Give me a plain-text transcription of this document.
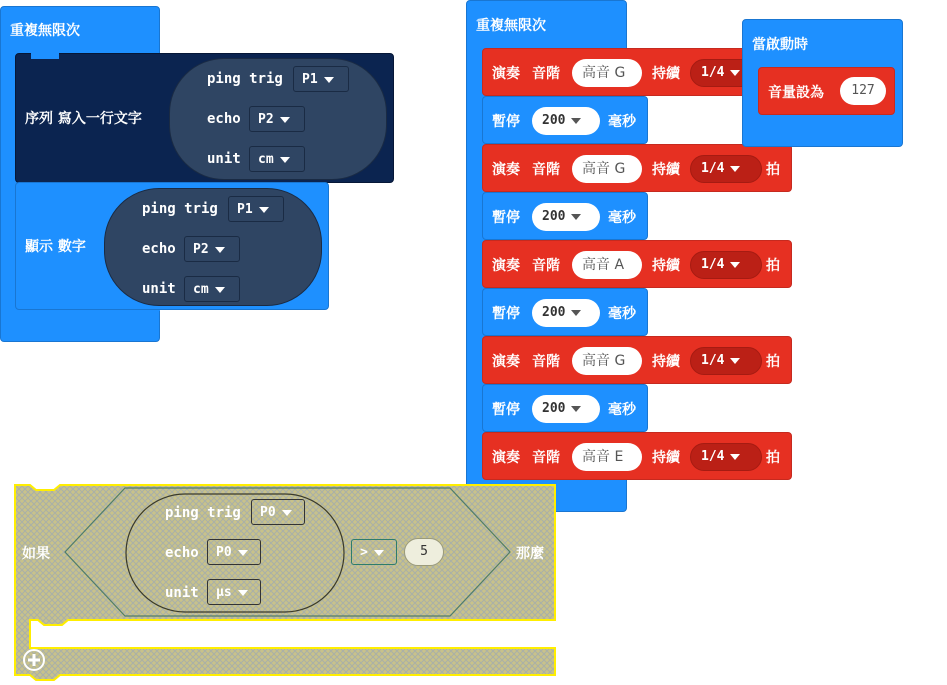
重複無限次
序列 寫入一行文字
ping trig	P1
echo	P2
unit	cm
顯示 數字
ping trig	P1
echo	P2
unit	cm
重複無限次
演奏 音階	高音 G	持續	1/4
暫停	200	毫秒
演奏 音階	高音 G	持續	1/4	拍
暫停	200	毫秒
演奏 音階	高音 A	持續	1/4	拍
暫停	200	毫秒
演奏 音階	高音 G	持續	1/4	拍
暫停	200	毫秒
演奏 音階	高音 E	持續	1/4	拍
當啟動時
音量設為	127
如果	那麼
ping trig	P0
echo	P0
unit	μs
>	5
